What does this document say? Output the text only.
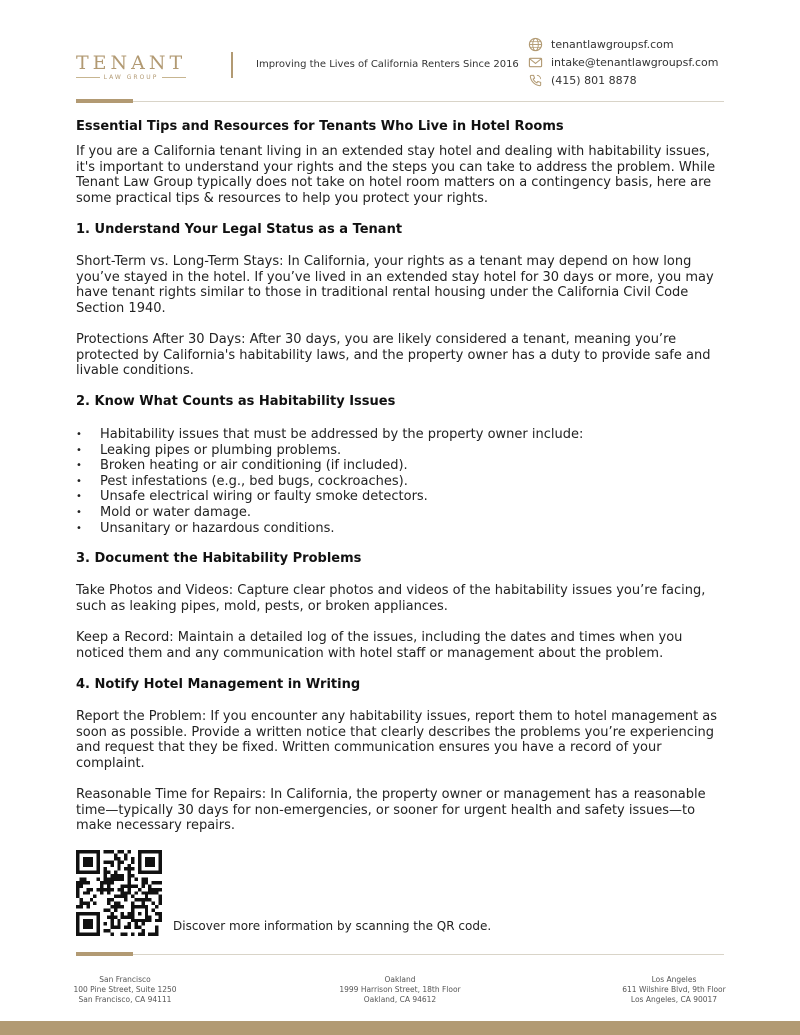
TENANT
LAW GROUP
Improving the Lives of California Renters Since 2016
tenantlawgroupsf.com
intake@tenantlawgroupsf.com
(415) 801 8878
Essential Tips and Resources for Tenants Who Live in Hotel Rooms
If you are a California tenant living in an extended stay hotel and dealing with habitability issues,
it's important to understand your rights and the steps you can take to address the problem. While
Tenant Law Group typically does not take on hotel room matters on a contingency basis, here are
some practical tips & resources to help you protect your rights.
1. Understand Your Legal Status as a Tenant
Short-Term vs. Long-Term Stays: In California, your rights as a tenant may depend on how long
you’ve stayed in the hotel. If you’ve lived in an extended stay hotel for 30 days or more, you may
have tenant rights similar to those in traditional rental housing under the California Civil Code
Section 1940.
Protections After 30 Days: After 30 days, you are likely considered a tenant, meaning you’re
protected by California's habitability laws, and the property owner has a duty to provide safe and
livable conditions.
2. Know What Counts as Habitability Issues
• Habitability issues that must be addressed by the property owner include:
• Leaking pipes or plumbing problems.
• Broken heating or air conditioning (if included).
• Pest infestations (e.g., bed bugs, cockroaches).
• Unsafe electrical wiring or faulty smoke detectors.
• Mold or water damage.
• Unsanitary or hazardous conditions.
3. Document the Habitability Problems
Take Photos and Videos: Capture clear photos and videos of the habitability issues you’re facing,
such as leaking pipes, mold, pests, or broken appliances.
Keep a Record: Maintain a detailed log of the issues, including the dates and times when you
noticed them and any communication with hotel staff or management about the problem.
4. Notify Hotel Management in Writing
Report the Problem: If you encounter any habitability issues, report them to hotel management as
soon as possible. Provide a written notice that clearly describes the problems you’re experiencing
and request that they be fixed. Written communication ensures you have a record of your
complaint.
Reasonable Time for Repairs: In California, the property owner or management has a reasonable
time—typically 30 days for non-emergencies, or sooner for urgent health and safety issues—to
make necessary repairs.
Discover more information by scanning the QR code.
San Francisco
100 Pine Street, Suite 1250
San Francisco, CA 94111
Oakland
1999 Harrison Street, 18th Floor
Oakland, CA 94612
Los Angeles
611 Wilshire Blvd, 9th Floor
Los Angeles, CA 90017
